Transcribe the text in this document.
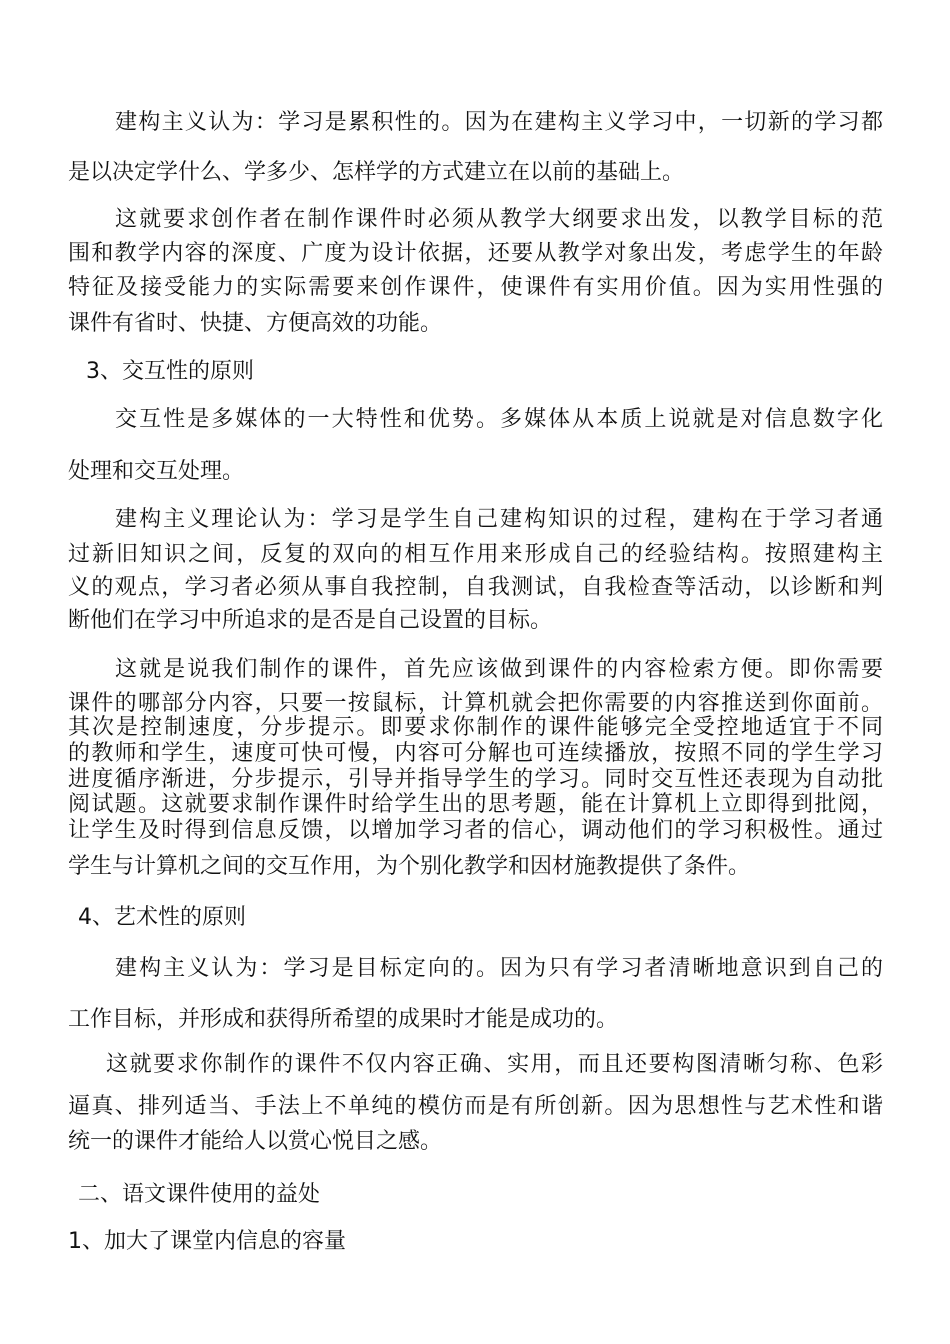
建构主义认为：学习是累积性的。因为在建构主义学习中，一切新的学习都
是以决定学什么、学多少、怎样学的方式建立在以前的基础上。
这就要求创作者在制作课件时必须从教学大纲要求出发，以教学目标的范
围和教学内容的深度、广度为设计依据，还要从教学对象出发，考虑学生的年龄
特征及接受能力的实际需要来创作课件，使课件有实用价值。因为实用性强的
课件有省时、快捷、方便高效的功能。
3、交互性的原则
交互性是多媒体的一大特性和优势。多媒体从本质上说就是对信息数字化
处理和交互处理。
建构主义理论认为：学习是学生自己建构知识的过程，建构在于学习者通
过新旧知识之间，反复的双向的相互作用来形成自己的经验结构。按照建构主
义的观点，学习者必须从事自我控制，自我测试，自我检查等活动，以诊断和判
断他们在学习中所追求的是否是自己设置的目标。
这就是说我们制作的课件，首先应该做到课件的内容检索方便。即你需要
课件的哪部分内容，只要一按鼠标，计算机就会把你需要的内容推送到你面前。
其次是控制速度，分步提示。即要求你制作的课件能够完全受控地适宜于不同
的教师和学生，速度可快可慢，内容可分解也可连续播放，按照不同的学生学习
进度循序渐进，分步提示，引导并指导学生的学习。同时交互性还表现为自动批
阅试题。这就要求制作课件时给学生出的思考题，能在计算机上立即得到批阅，
让学生及时得到信息反馈，以增加学习者的信心，调动他们的学习积极性。通过
学生与计算机之间的交互作用，为个别化教学和因材施教提供了条件。
4、艺术性的原则
建构主义认为：学习是目标定向的。因为只有学习者清晰地意识到自己的
工作目标，并形成和获得所希望的成果时才能是成功的。
这就要求你制作的课件不仅内容正确、实用，而且还要构图清晰匀称、色彩
逼真、排列适当、手法上不单纯的模仿而是有所创新。因为思想性与艺术性和谐
统一的课件才能给人以赏心悦目之感。
二、语文课件使用的益处
1、加大了课堂内信息的容量
